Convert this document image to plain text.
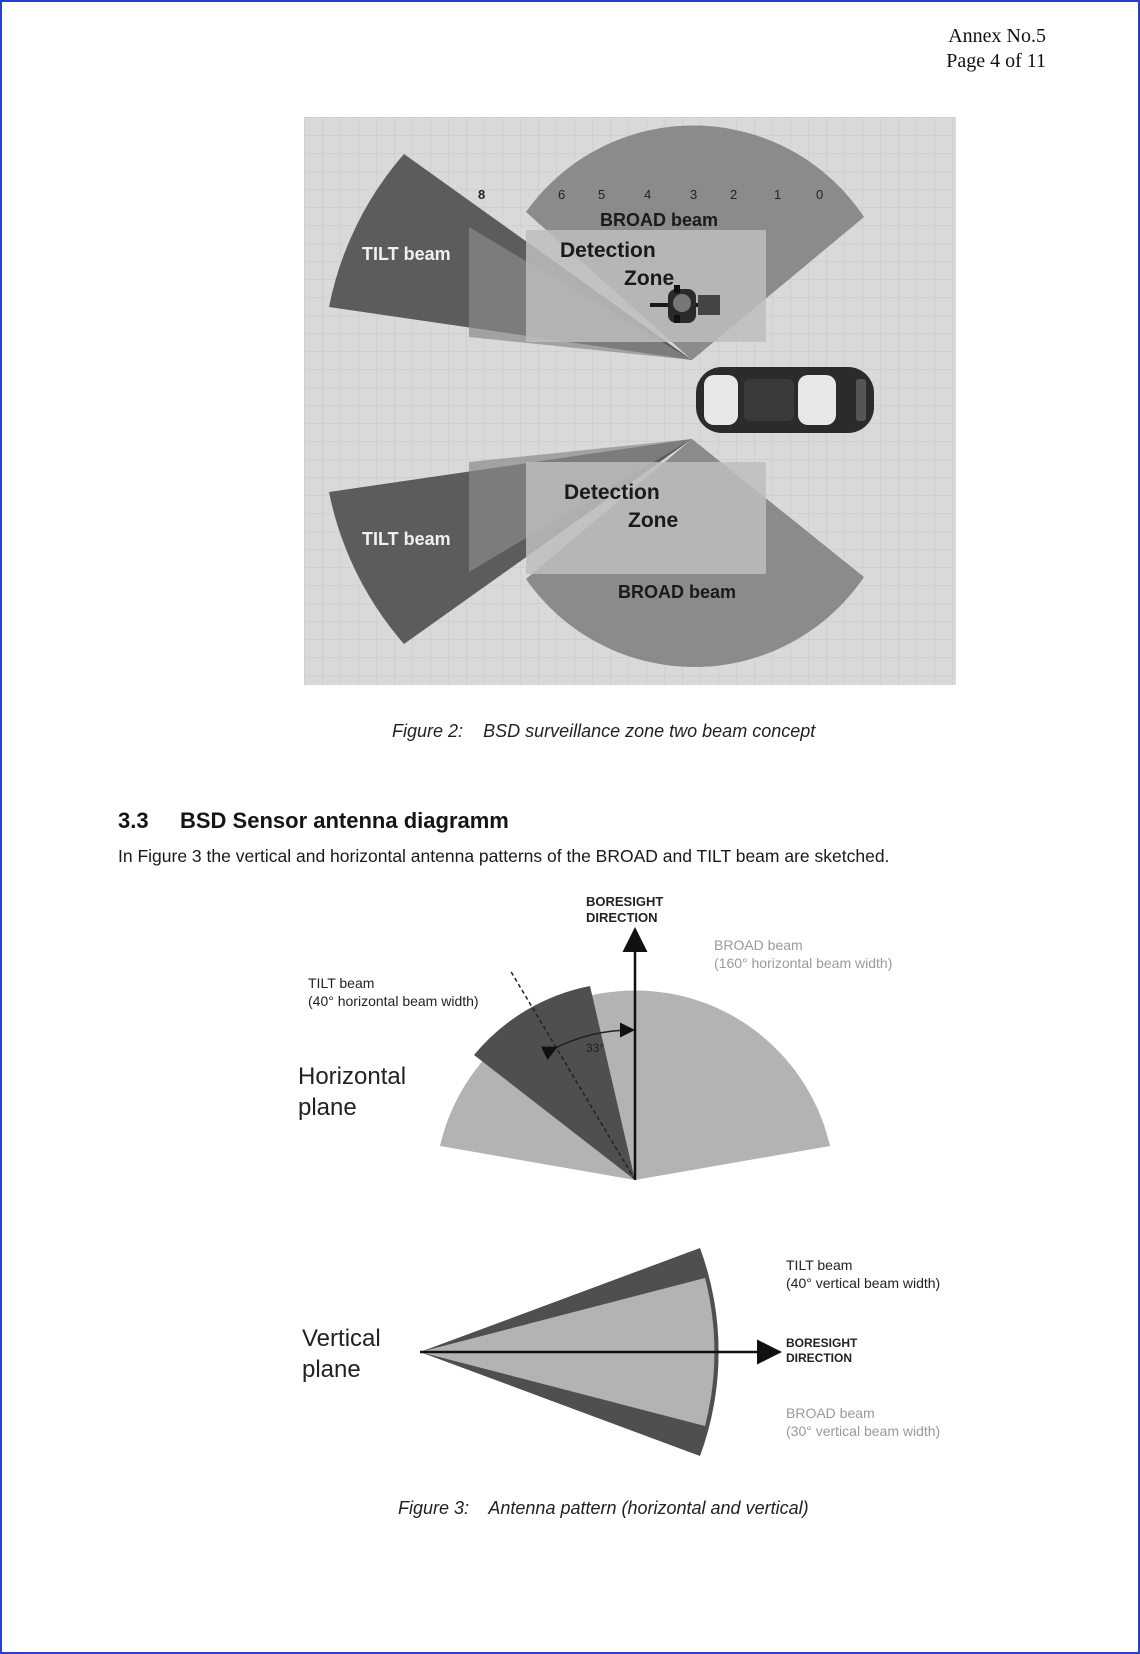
Annex No.5
Page 4 of 11
8	6	5	4	3	2	1	0
BROAD beam
TILT beam	Detection
Zone
Detection
Zone
TILT beam
BROAD beam
Figure 2: BSD surveillance zone two beam concept
3.3 BSD Sensor antenna diagramm
In Figure 3 the vertical and horizontal antenna patterns of the BROAD and TILT beam are sketched.
33°
BORESIGHT
DIRECTION
BROAD beam
(160° horizontal beam width)
TILT beam
(40° horizontal beam width)
Horizontal
plane
Vertical
plane
TILT beam
(40° vertical beam width)
BORESIGHT
DIRECTION
BROAD beam
(30° vertical beam width)
Figure 3: Antenna pattern (horizontal and vertical)
